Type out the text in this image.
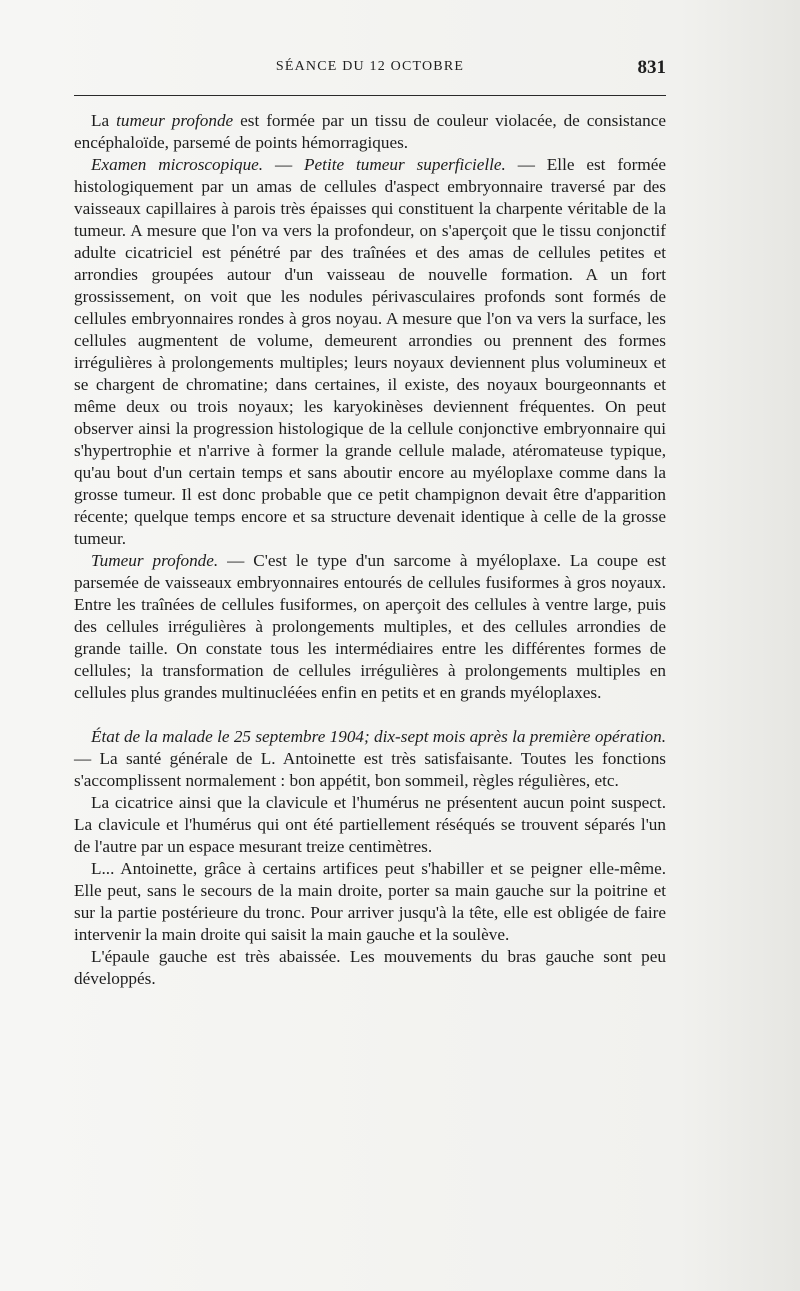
SÉANCE DU 12 OCTOBRE	831

La tumeur profonde est formée par un tissu de couleur violacée, de consistance encéphaloïde, parsemé de points hémorragiques.

Examen microscopique. — Petite tumeur superficielle. — Elle est formée histologiquement par un amas de cellules d'aspect embryonnaire traversé par des vaisseaux capillaires à parois très épaisses qui constituent la charpente véritable de la tumeur. A mesure que l'on va vers la profondeur, on s'aperçoit que le tissu conjonctif adulte cicatriciel est pénétré par des traînées et des amas de cellules petites et arrondies groupées autour d'un vaisseau de nouvelle formation. A un fort grossissement, on voit que les nodules périvasculaires profonds sont formés de cellules embryonnaires rondes à gros noyau. A mesure que l'on va vers la surface, les cellules augmentent de volume, demeurent arrondies ou prennent des formes irrégulières à prolongements multiples; leurs noyaux deviennent plus volumineux et se chargent de chromatine; dans certaines, il existe, des noyaux bourgeonnants et même deux ou trois noyaux; les karyokinèses deviennent fréquentes. On peut observer ainsi la progression histologique de la cellule conjonctive embryonnaire qui s'hypertrophie et n'arrive à former la grande cellule malade, atéromateuse typique, qu'au bout d'un certain temps et sans aboutir encore au myéloplaxe comme dans la grosse tumeur. Il est donc probable que ce petit champignon devait être d'apparition récente; quelque temps encore et sa structure devenait identique à celle de la grosse tumeur.

Tumeur profonde. — C'est le type d'un sarcome à myéloplaxe. La coupe est parsemée de vaisseaux embryonnaires entourés de cellules fusiformes à gros noyaux. Entre les traînées de cellules fusiformes, on aperçoit des cellules à ventre large, puis des cellules irrégulières à prolongements multiples, et des cellules arrondies de grande taille. On constate tous les intermédiaires entre les différentes formes de cellules; la transformation de cellules irrégulières à prolongements multiples en cellules plus grandes multinucléées enfin en petits et en grands myéloplaxes.

État de la malade le 25 septembre 1904; dix-sept mois après la première opération. — La santé générale de L. Antoinette est très satisfaisante. Toutes les fonctions s'accomplissent normalement : bon appétit, bon sommeil, règles régulières, etc.

La cicatrice ainsi que la clavicule et l'humérus ne présentent aucun point suspect. La clavicule et l'humérus qui ont été partiellement réséqués se trouvent séparés l'un de l'autre par un espace mesurant treize centimètres.

L... Antoinette, grâce à certains artifices peut s'habiller et se peigner elle-même. Elle peut, sans le secours de la main droite, porter sa main gauche sur la poitrine et sur la partie postérieure du tronc. Pour arriver jusqu'à la tête, elle est obligée de faire intervenir la main droite qui saisit la main gauche et la soulève.

L'épaule gauche est très abaissée. Les mouvements du bras gauche sont peu développés.
